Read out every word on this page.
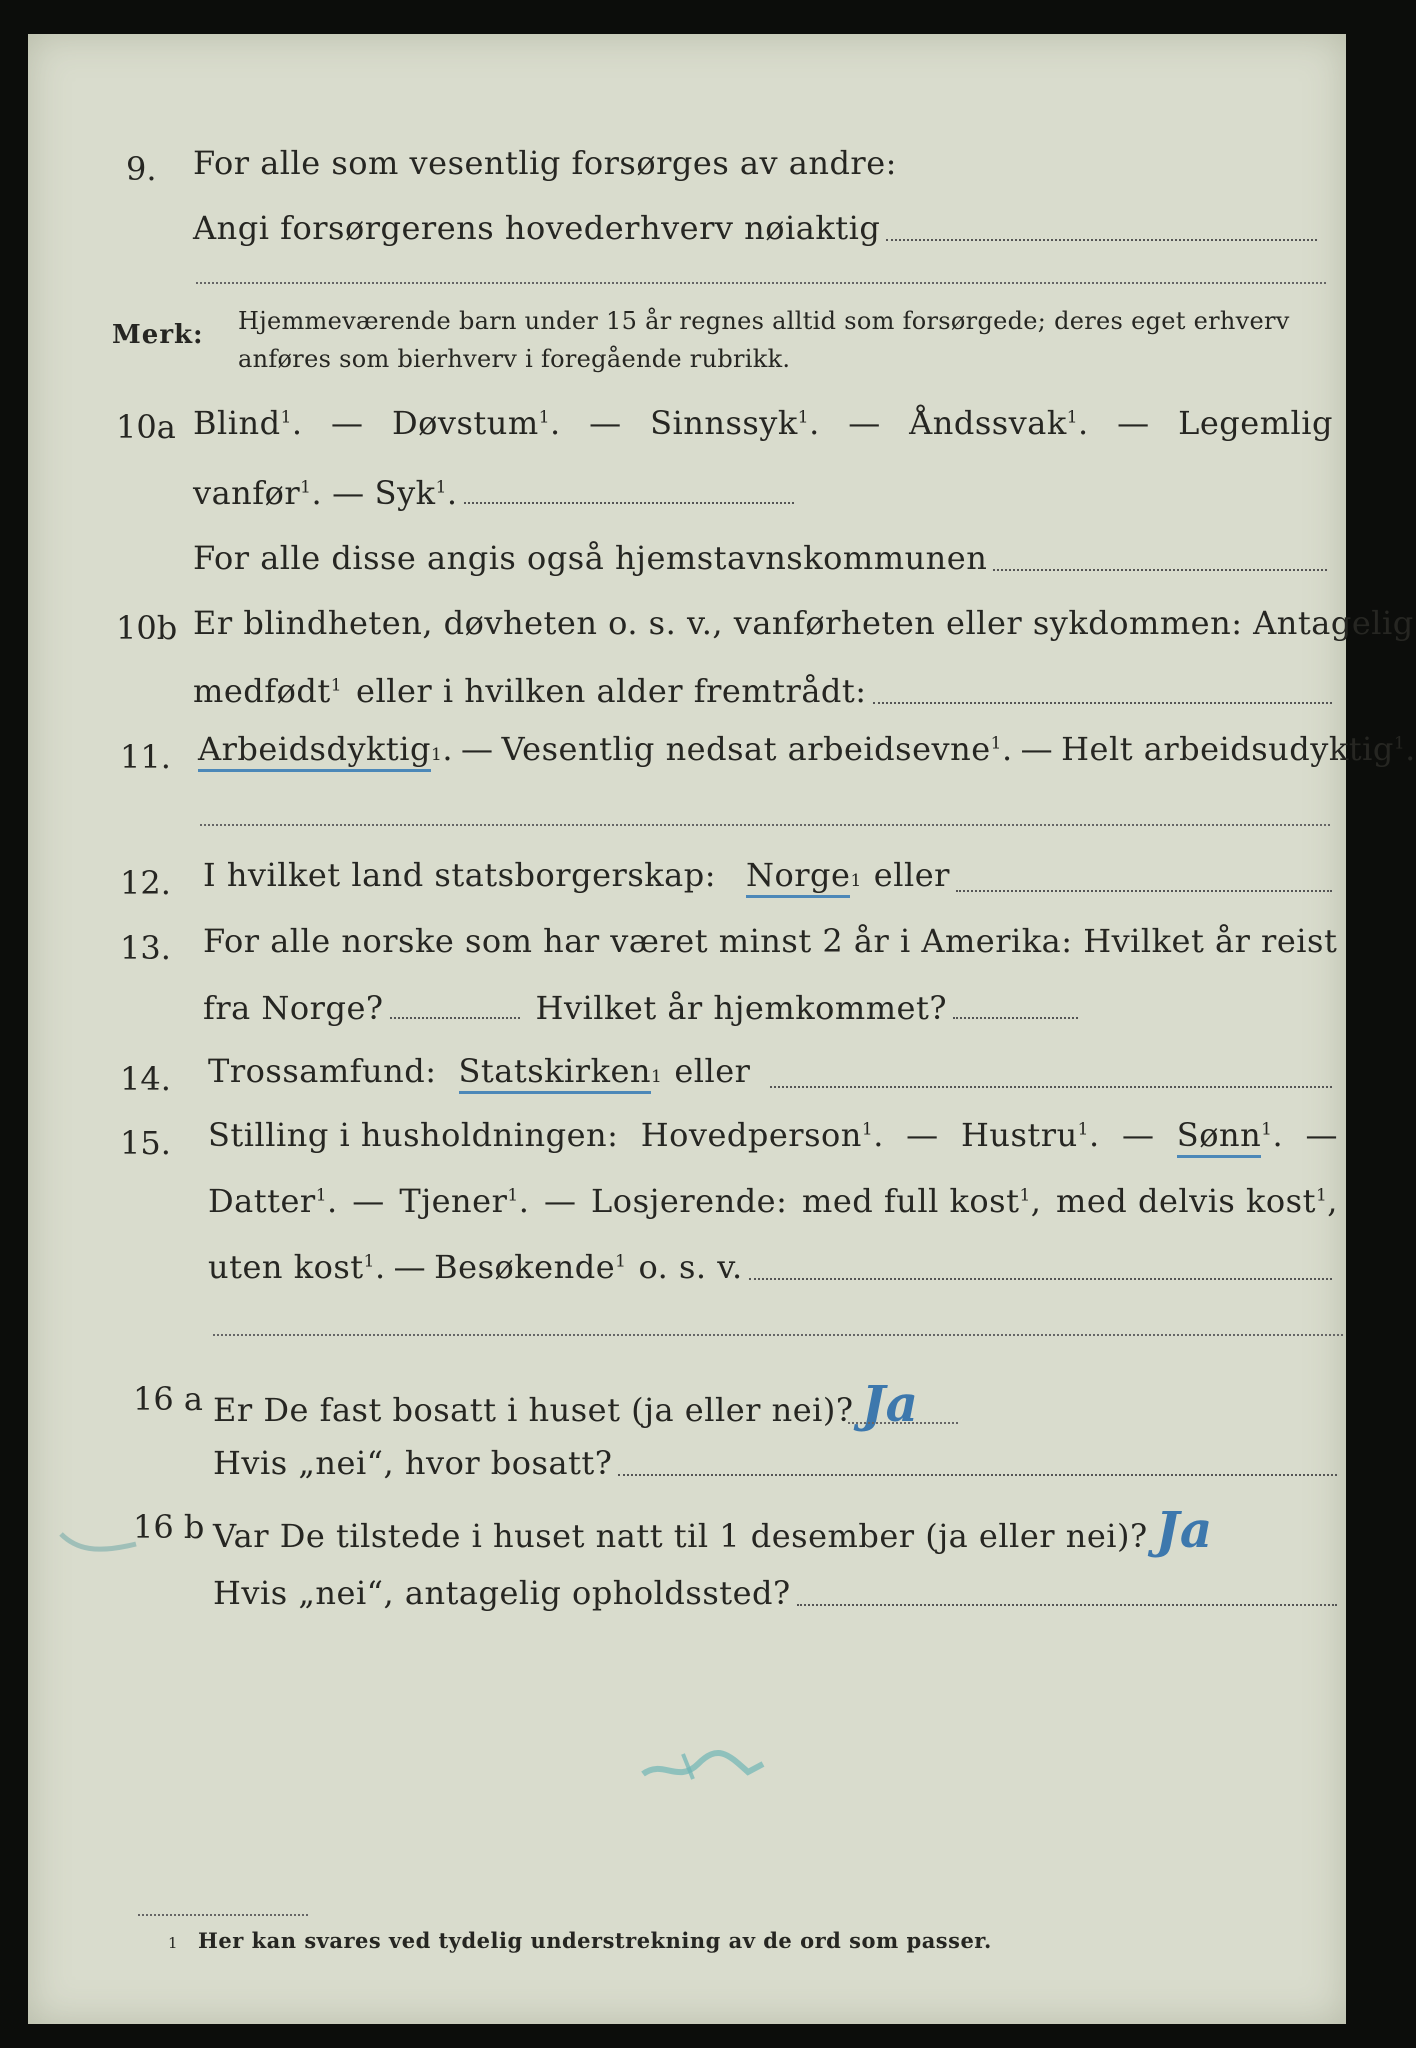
9. For alle som vesentlig forsørges av andre:
Angi forsørgerens hovederhverv nøiaktig
Merk: Hjemmeværende barn under 15 år regnes alltid som forsørgede; deres eget erhverv
anføres som bierhverv i foregående rubrikk.
10a Blind$^1$. — Døvstum$^1$. — Sinnssyk$^1$. — Åndssvak$^1$. — Legemlig
vanfør$^1$. — Syk$^1$.
For alle disse angis også hjemstavnskommunen
10b Er blindheten, døvheten o. s. v., vanførheten eller sykdommen: Antagelig
medfødt$^1$ eller i hvilken alder fremtrådt:
11. Arbeidsdyktig 1 . — Vesentlig nedsat arbeidsevne$^1$. — Helt arbeidsudyktig$^1$.
12. I hvilket land statsborgerskap: Norge 1 eller
13. For alle norske som har været minst 2 år i Amerika: Hvilket år reist
fra Norge?	Hvilket år hjemkommet?
14. Trossamfund: Statskirken 1 eller
15. Stilling i husholdningen: Hovedperson$^1$. — Hustru$^1$. — Sønn$^1$. —
Datter$^1$. — Tjener$^1$. — Losjerende: med full kost$^1$, med delvis kost$^1$,
uten kost$^1$. — Besøkende$^1$ o. s. v.
16 a Er De fast bosatt i huset (ja eller nei)? Ja
Hvis „nei“, hvor bosatt?
16 b Var De tilstede i huset natt til 1 desember (ja eller nei)? Ja
Hvis „nei“, antagelig opholdssted?
1 Her kan svares ved tydelig understrekning av de ord som passer.
